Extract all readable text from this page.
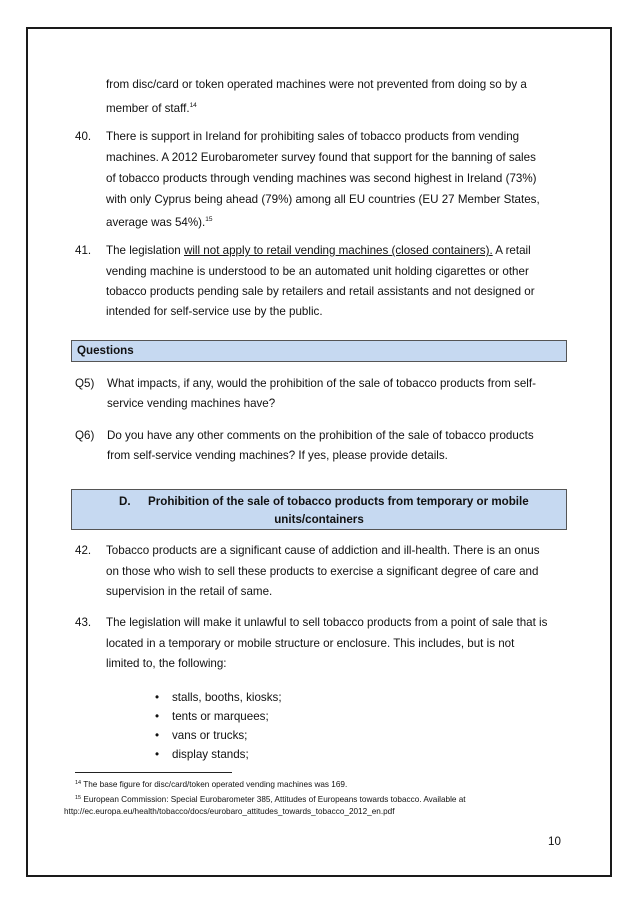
from disc/card or token operated machines were not prevented from doing so by a
member of staff.$^{14}$
40. There is support in Ireland for prohibiting sales of tobacco products from vending
machines. A 2012 Eurobarometer survey found that support for the banning of sales
of tobacco products through vending machines was second highest in Ireland (73%)
with only Cyprus being ahead (79%) among all EU countries (EU 27 Member States,
average was 54%).$^{15}$
41. The legislation will not apply to retail vending machines (closed containers). A retail
vending machine is understood to be an automated unit holding cigarettes or other
tobacco products pending sale by retailers and retail assistants and not designed or
intended for self-service use by the public.
Questions
Q5) What impacts, if any, would the prohibition of the sale of tobacco products from self-
service vending machines have?
Q6) Do you have any other comments on the prohibition of the sale of tobacco products
from self-service vending machines? If yes, please provide details.
D. Prohibition of the sale of tobacco products from temporary or mobile
units/containers
42. Tobacco products are a significant cause of addiction and ill-health. There is an onus
on those who wish to sell these products to exercise a significant degree of care and
supervision in the retail of same.
43. The legislation will make it unlawful to sell tobacco products from a point of sale that is
located in a temporary or mobile structure or enclosure. This includes, but is not
limited to, the following:
• stalls, booths, kiosks;
• tents or marquees;
• vans or trucks;
• display stands;
$^{14}$ The base figure for disc/card/token operated vending machines was 169.
$^{15}$ European Commission: Special Eurobarometer 385, Attitudes of Europeans towards tobacco. Available at
http://ec.europa.eu/health/tobacco/docs/eurobaro_attitudes_towards_tobacco_2012_en.pdf
10
